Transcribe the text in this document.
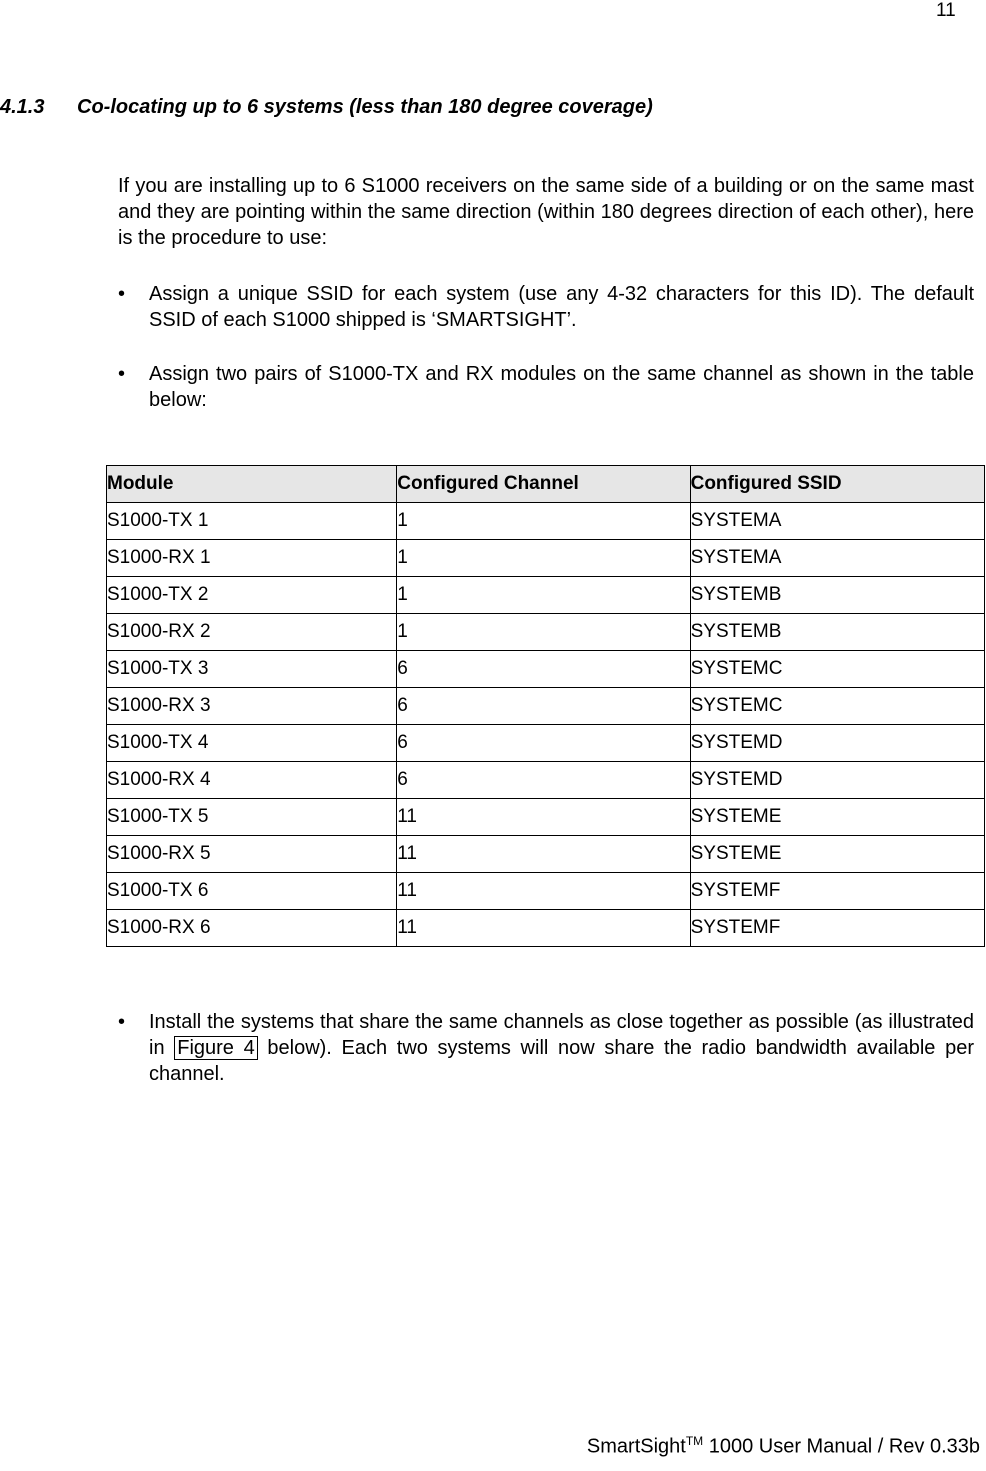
11
4.1.3 Co-locating up to 6 systems (less than 180 degree coverage)

If you are installing up to 6 S1000 receivers on the same side of a building or on the same mast and they are pointing within the same direction (within 180 degrees direction of each other), here is the procedure to use:

•	Assign a unique SSID for each system (use any 4-32 characters for this ID). The default SSID of each S1000 shipped is ‘SMARTSIGHT’.
•	Assign two pairs of S1000-TX and RX modules on the same channel as shown in the table below:
Module	Configured Channel	Configured SSID
S1000-TX 1	1	SYSTEMA
S1000-RX 1	1	SYSTEMA
S1000-TX 2	1	SYSTEMB
S1000-RX 2	1	SYSTEMB
S1000-TX 3	6	SYSTEMC
S1000-RX 3	6	SYSTEMC
S1000-TX 4	6	SYSTEMD
S1000-RX 4	6	SYSTEMD
S1000-TX 5	11	SYSTEME
S1000-RX 5	11	SYSTEME
S1000-TX 6	11	SYSTEMF
S1000-RX 6	11	SYSTEMF
•	Install the systems that share the same channels as close together as possible (as illustrated in Figure 4 below). Each two systems will now share the radio bandwidth available per channel.
SmartSight™ 1000 User Manual / Rev 0.33b
